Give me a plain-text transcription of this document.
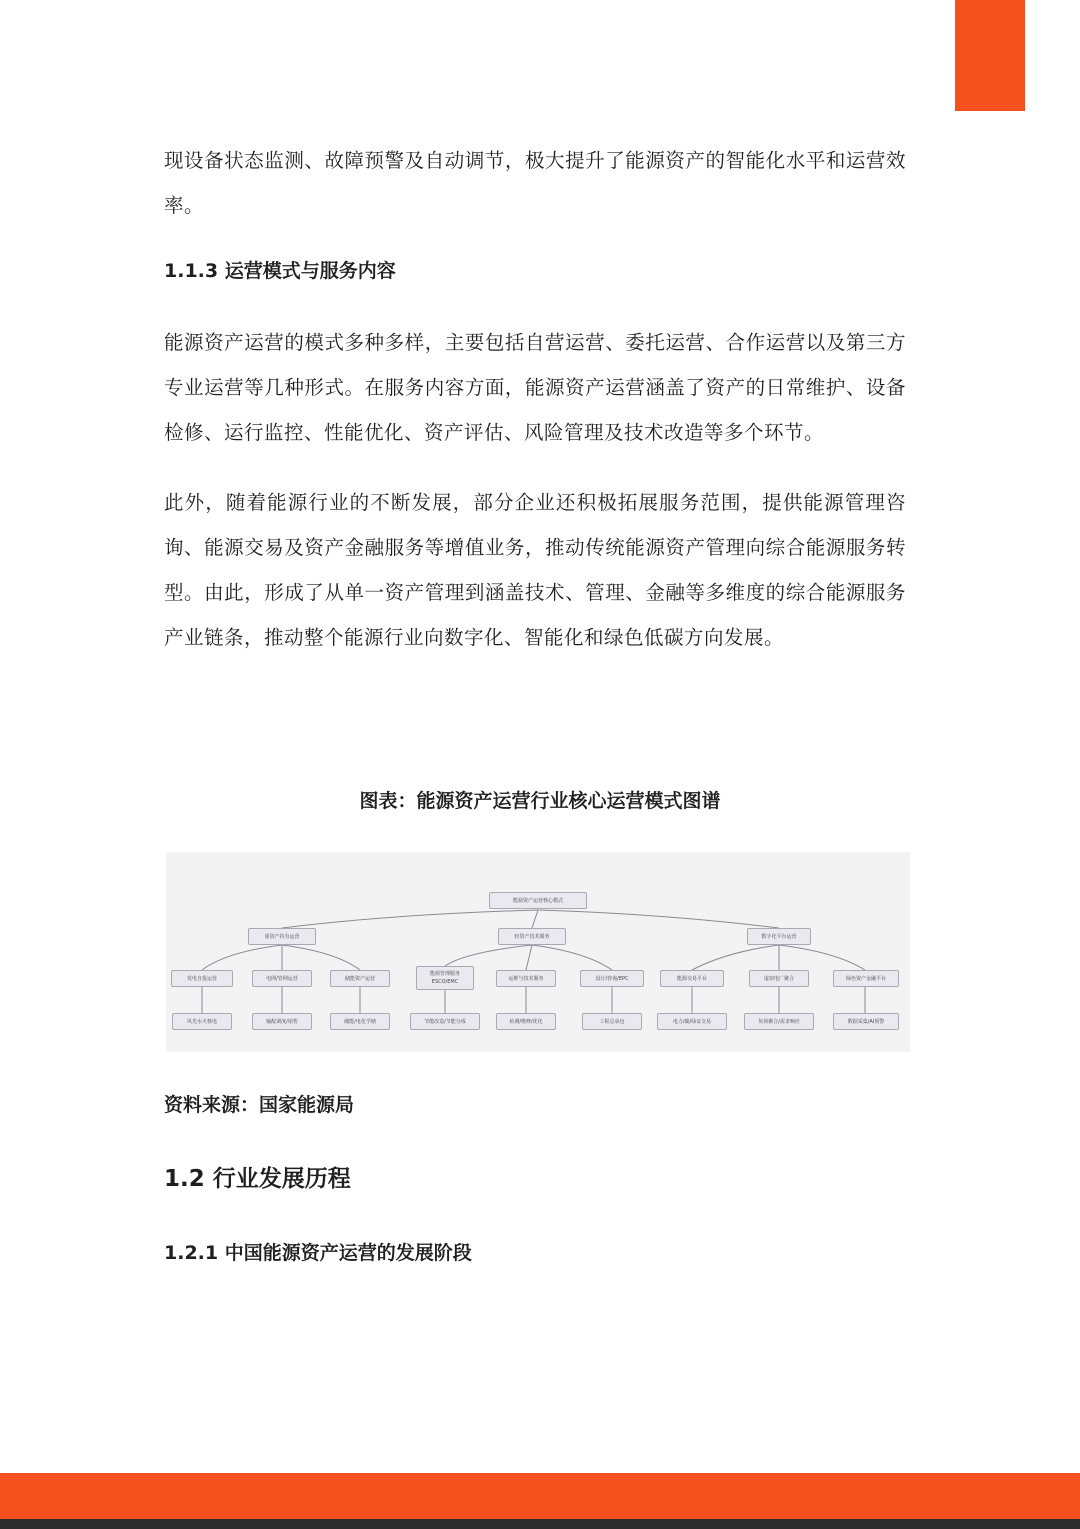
现设备状态监测、故障预警及自动调节，极大提升了能源资产的智能化水平和运营效率。

1.1.3 运营模式与服务内容

能源资产运营的模式多种多样，主要包括自营运营、委托运营、合作运营以及第三方专业运营等几种形式。在服务内容方面，能源资产运营涵盖了资产的日常维护、设备检修、运行监控、性能优化、资产评估、风险管理及技术改造等多个环节。

此外，随着能源行业的不断发展，部分企业还积极拓展服务范围，提供能源管理咨询、能源交易及资产金融服务等增值业务，推动传统能源资产管理向综合能源服务转型。由此，形成了从单一资产管理到涵盖技术、管理、金融等多维度的综合能源服务产业链条，推动整个能源行业向数字化、智能化和绿色低碳方向发展。

图表：能源资产运营行业核心运营模式图谱

能源资产运营核心模式
重资产持有运营	轻资产技术服务	数字化平台运营
发电自投运营	电网/管网运营	储能资产运营
能源管理服务 ESCO/EMC	运维与技术服务	设计/咨询/EPC	能源交易平台	虚拟电厂聚合	绿色资产金融平台
风光水火核电	输配调度/销售	储能/电化学储	节能改造/节能分成	检测/维修/优化	工程总承包	电力/碳/绿证交易	负荷聚合/需求响应	数据采集/AI预警

资料来源：国家能源局

1.2 行业发展历程

1.2.1 中国能源资产运营的发展阶段
